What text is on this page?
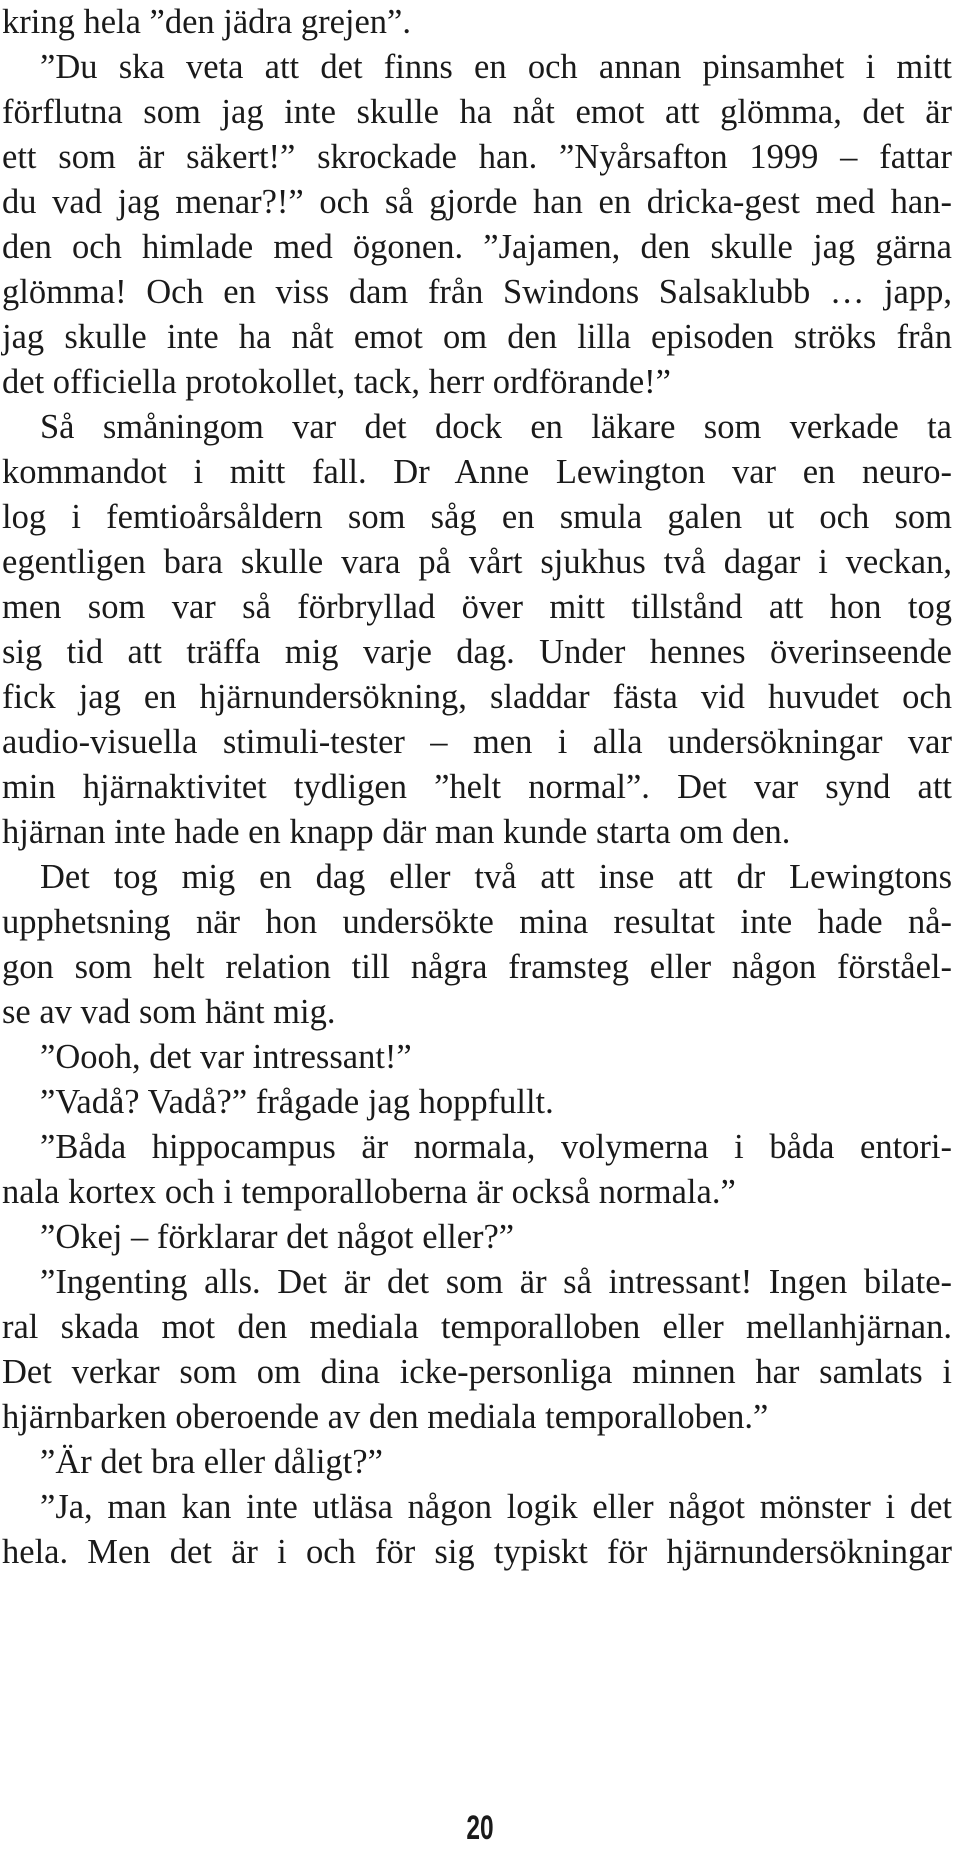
kring hela ”den jädra grejen”.
”Du ska veta att det finns en och annan pinsamhet i mitt
förflutna som jag inte skulle ha nåt emot att glömma, det är
ett som är säkert!” skrockade han. ”Nyårsafton 1999 – fattar
du vad jag menar?!” och så gjorde han en dricka-gest med han-
den och himlade med ögonen. ”Jajamen, den skulle jag gärna
glömma! Och en viss dam från Swindons Salsaklubb … japp,
jag skulle inte ha nåt emot om den lilla episoden ströks från
det officiella protokollet, tack, herr ordförande!”
Så småningom var det dock en läkare som verkade ta
kommandot i mitt fall. Dr Anne Lewington var en neuro-
log i femtioårsåldern som såg en smula galen ut och som
egentligen bara skulle vara på vårt sjukhus två dagar i veckan,
men som var så förbryllad över mitt tillstånd att hon tog
sig tid att träffa mig varje dag. Under hennes överinseende
fick jag en hjärnundersökning, sladdar fästa vid huvudet och
audio-visuella stimuli-tester – men i alla undersökningar var
min hjärnaktivitet tydligen ”helt normal”. Det var synd att
hjärnan inte hade en knapp där man kunde starta om den.
Det tog mig en dag eller två att inse att dr Lewingtons
upphetsning när hon undersökte mina resultat inte hade nå-
gon som helt relation till några framsteg eller någon förståel-
se av vad som hänt mig.
”Oooh, det var intressant!”
”Vadå? Vadå?” frågade jag hoppfullt.
”Båda hippocampus är normala, volymerna i båda entori-
nala kortex och i temporalloberna är också normala.”
”Okej – förklarar det något eller?”
”Ingenting alls. Det är det som är så intressant! Ingen bilate-
ral skada mot den mediala temporalloben eller mellanhjärnan.
Det verkar som om dina icke-personliga minnen har samlats i
hjärnbarken oberoende av den mediala temporalloben.”
”Är det bra eller dåligt?”
”Ja, man kan inte utläsa någon logik eller något mönster i det
hela. Men det är i och för sig typiskt för hjärnundersökningar
20
